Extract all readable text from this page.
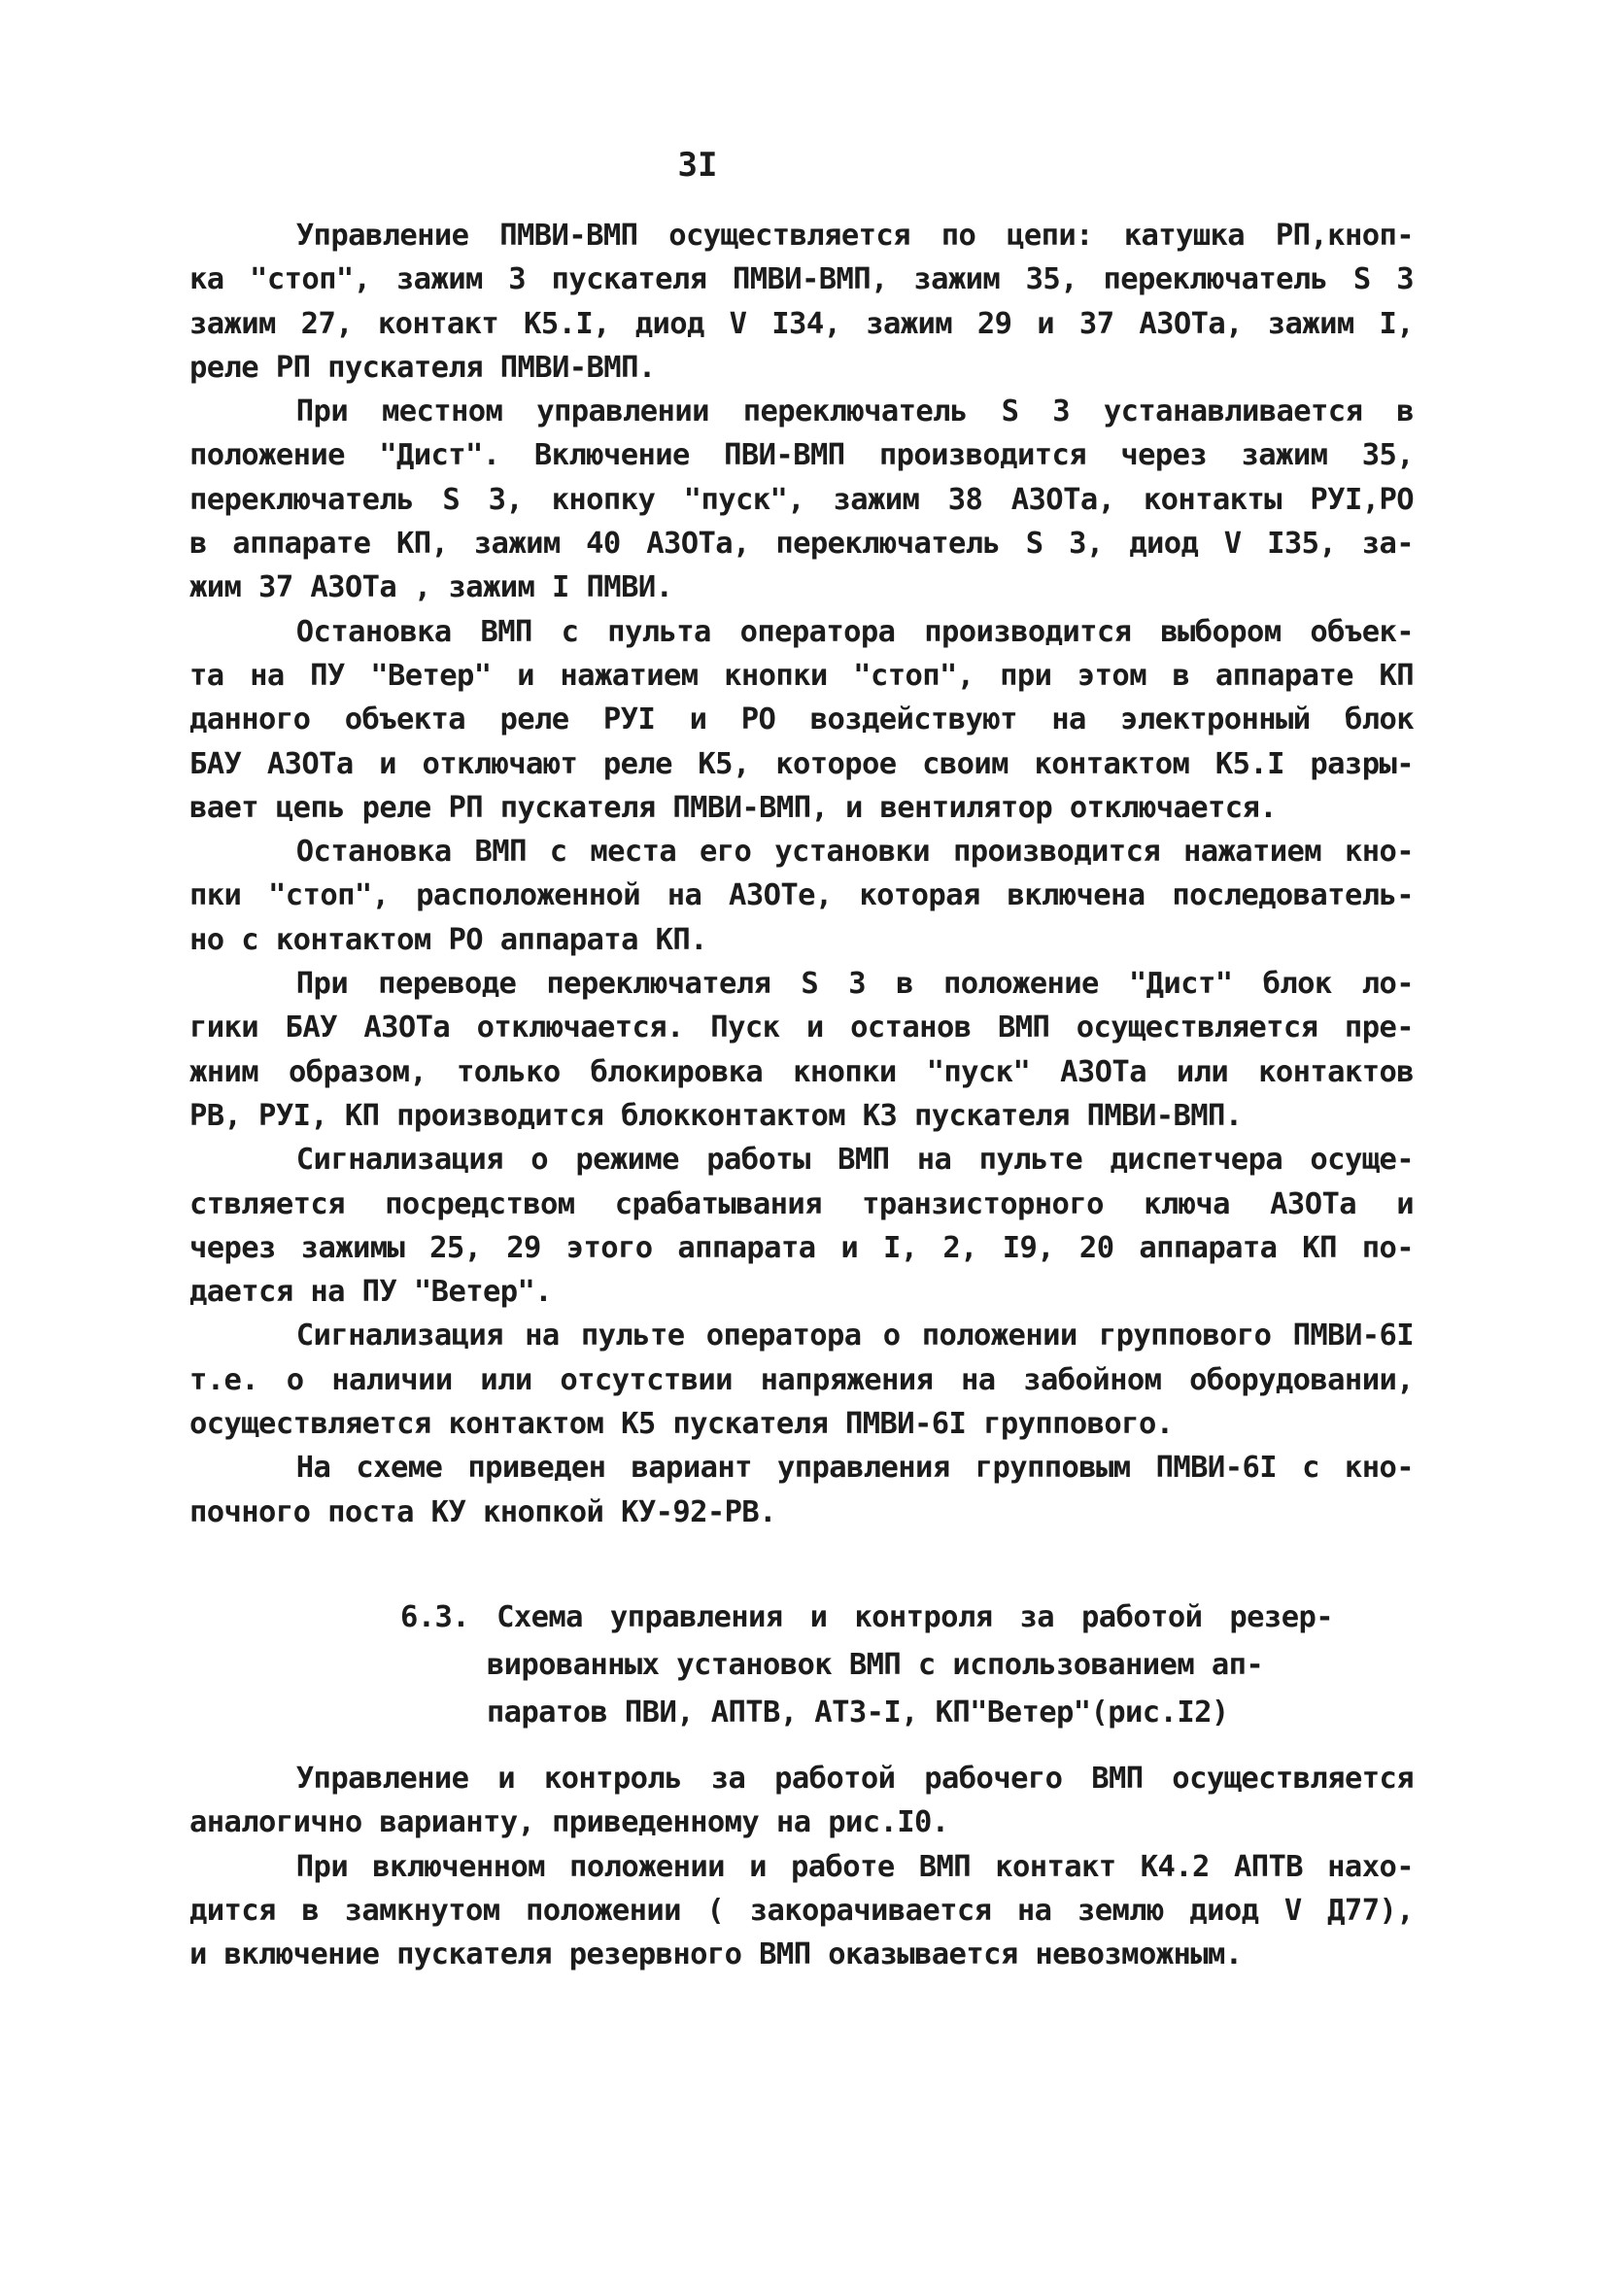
3I
Управление ПМВИ-ВМП осуществляется по цепи: катушка РП,кноп-
ка "стоп", зажим 3 пускателя ПМВИ-ВМП, зажим 35, переключатель S 3
зажим 27, контакт К5.I, диод V I34, зажим 29 и 37 А3ОТа, зажим I,
реле РП пускателя ПМВИ-ВМП.
При местном управлении переключатель S 3 устанавливается в
положение "Дист". Включение ПВИ-ВМП производится через зажим 35,
переключатель S 3, кнопку "пуск", зажим 38 А3ОТа, контакты РУI,РО
в аппарате КП, зажим 40 А3ОТа, переключатель S 3, диод V I35, за-
жим 37 А3ОТа , зажим I ПМВИ.
Остановка ВМП с пульта оператора производится выбором объек-
та на ПУ "Ветер" и нажатием кнопки "стоп", при этом в аппарате КП
данного объекта реле РУI и РО воздействуют на электронный блок
БАУ А3ОТа и отключают реле К5, которое своим контактом К5.I разры-
вает цепь реле РП пускателя ПМВИ-ВМП, и вентилятор отключается.
Остановка ВМП с места его установки производится нажатием кно-
пки "стоп", расположенной на А3ОТе, которая включена последователь-
но с контактом РО аппарата КП.
При переводе переключателя S 3 в положение "Дист" блок ло-
гики БАУ А3ОТа отключается. Пуск и останов ВМП осуществляется пре-
жним образом, только блокировка кнопки "пуск" А3ОТа или контактов
РВ, РУI, КП производится блокконтактом К3 пускателя ПМВИ-ВМП.
Сигнализация о режиме работы ВМП на пульте диспетчера осуще-
ствляется посредством срабатывания транзисторного ключа А3ОТа и
через зажимы 25, 29 этого аппарата и I, 2, I9, 20 аппарата КП по-
дается на ПУ "Ветер".
Сигнализация на пульте оператора о положении группового ПМВИ-6I
т.е. о наличии или отсутствии напряжения на забойном оборудовании,
осуществляется контактом К5 пускателя ПМВИ-6I группового.
На схеме приведен вариант управления групповым ПМВИ-6I с кно-
почного поста КУ кнопкой КУ-92-РВ.
6.3. Схема управления и контроля за работой резер-
вированных установок ВМП с использованием ап-
паратов ПВИ, АПТВ, АТЗ-I, КП"Ветер"(рис.I2)
Управление и контроль за работой рабочего ВМП осуществляется
аналогично варианту, приведенному на рис.I0.
При включенном положении и работе ВМП контакт К4.2 АПТВ нахо-
дится в замкнутом положении ( закорачивается на землю диод V Д77),
и включение пускателя резервного ВМП оказывается невозможным.
